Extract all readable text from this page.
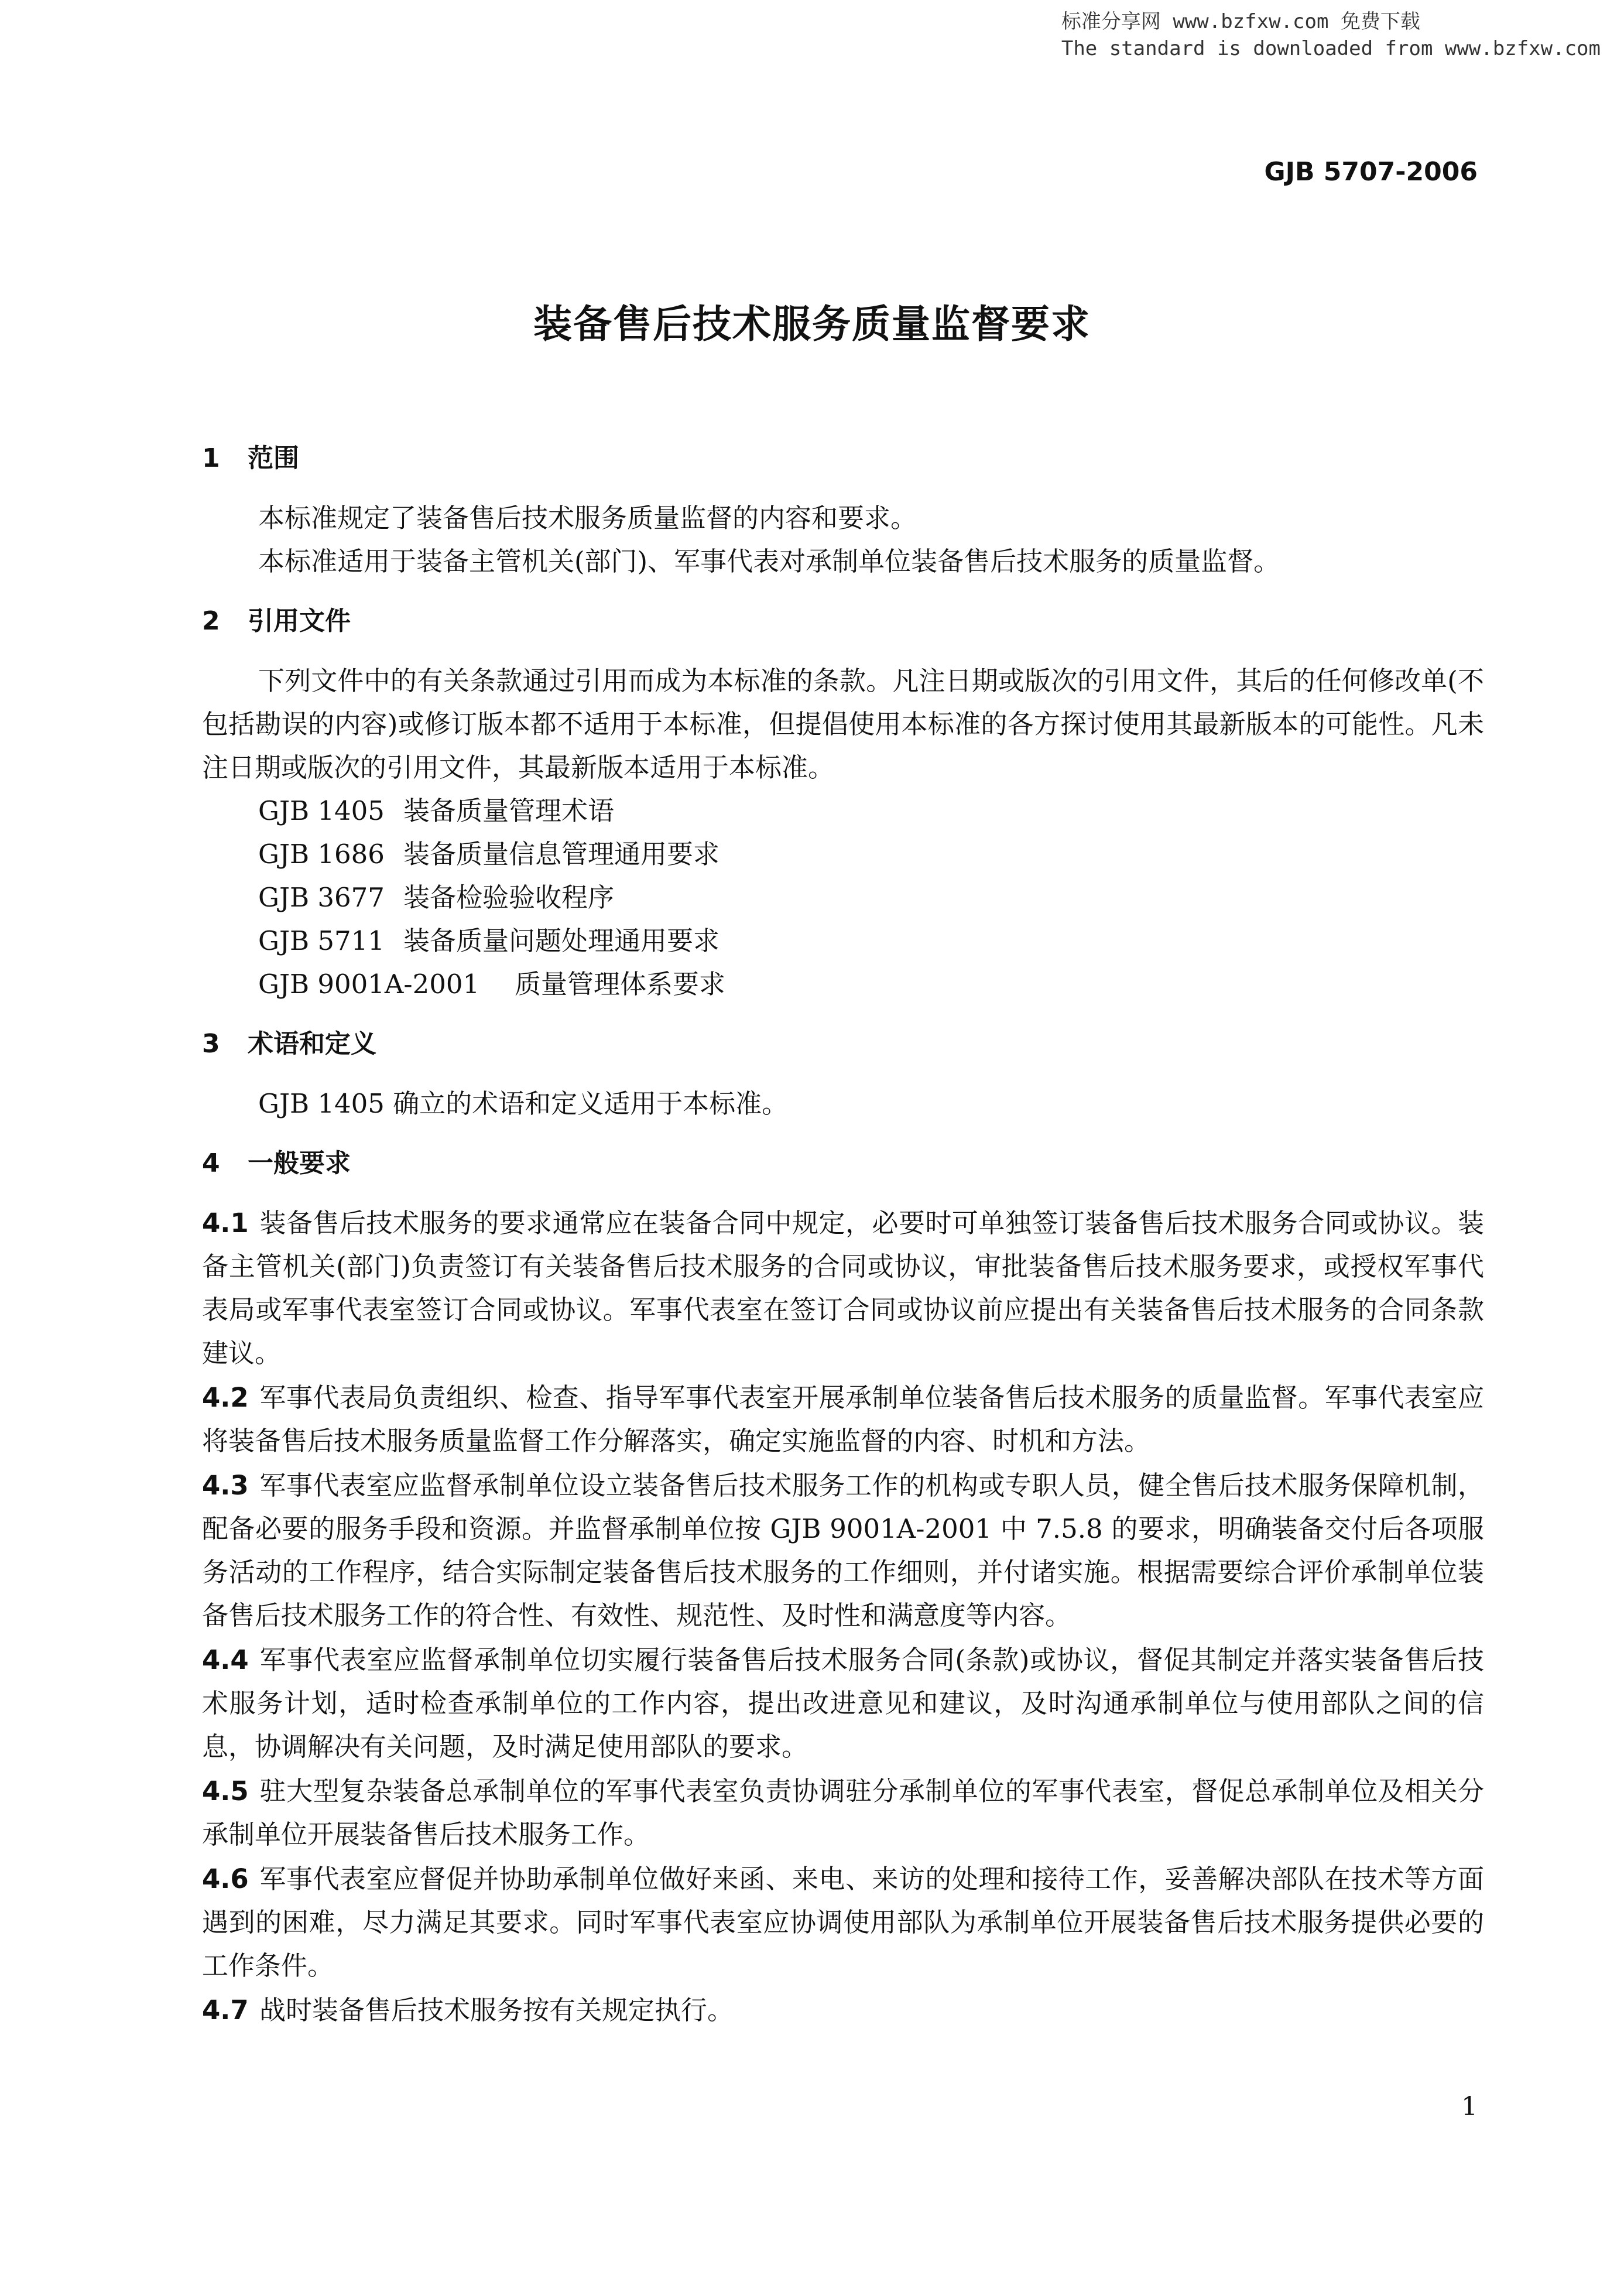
标准分享网 www.bzfxw.com 免费下载
The standard is downloaded from www.bzfxw.com
GJB 5707-2006
装备售后技术服务质量监督要求
1 范围

本标准规定了装备售后技术服务质量监督的内容和要求。

本标准适用于装备主管机关(部门)、军事代表对承制单位装备售后技术服务的质量监督。

2 引用文件

下列文件中的有关条款通过引用而成为本标准的条款。凡注日期或版次的引用文件，其后的任何修改单(不包括勘误的内容)或修订版本都不适用于本标准，但提倡使用本标准的各方探讨使用其最新版本的可能性。凡未注日期或版次的引用文件，其最新版本适用于本标准。

GJB 1405 装备质量管理术语

GJB 1686 装备质量信息管理通用要求

GJB 3677 装备检验验收程序

GJB 5711 装备质量问题处理通用要求

GJB 9001A-2001 质量管理体系要求

3 术语和定义

GJB 1405 确立的术语和定义适用于本标准。

4 一般要求

4.1 装备售后技术服务的要求通常应在装备合同中规定，必要时可单独签订装备售后技术服务合同或协议。装备主管机关(部门)负责签订有关装备售后技术服务的合同或协议，审批装备售后技术服务要求，或授权军事代表局或军事代表室签订合同或协议。军事代表室在签订合同或协议前应提出有关装备售后技术服务的合同条款建议。

4.2 军事代表局负责组织、检查、指导军事代表室开展承制单位装备售后技术服务的质量监督。军事代表室应将装备售后技术服务质量监督工作分解落实，确定实施监督的内容、时机和方法。

4.3 军事代表室应监督承制单位设立装备售后技术服务工作的机构或专职人员，健全售后技术服务保障机制，配备必要的服务手段和资源。并监督承制单位按 GJB 9001A-2001 中 7.5.8 的要求，明确装备交付后各项服务活动的工作程序，结合实际制定装备售后技术服务的工作细则，并付诸实施。根据需要综合评价承制单位装备售后技术服务工作的符合性、有效性、规范性、及时性和满意度等内容。

4.4 军事代表室应监督承制单位切实履行装备售后技术服务合同(条款)或协议，督促其制定并落实装备售后技术服务计划，适时检查承制单位的工作内容，提出改进意见和建议，及时沟通承制单位与使用部队之间的信息，协调解决有关问题，及时满足使用部队的要求。

4.5 驻大型复杂装备总承制单位的军事代表室负责协调驻分承制单位的军事代表室，督促总承制单位及相关分承制单位开展装备售后技术服务工作。

4.6 军事代表室应督促并协助承制单位做好来函、来电、来访的处理和接待工作，妥善解决部队在技术等方面遇到的困难，尽力满足其要求。同时军事代表室应协调使用部队为承制单位开展装备售后技术服务提供必要的工作条件。

4.7 战时装备售后技术服务按有关规定执行。

1
